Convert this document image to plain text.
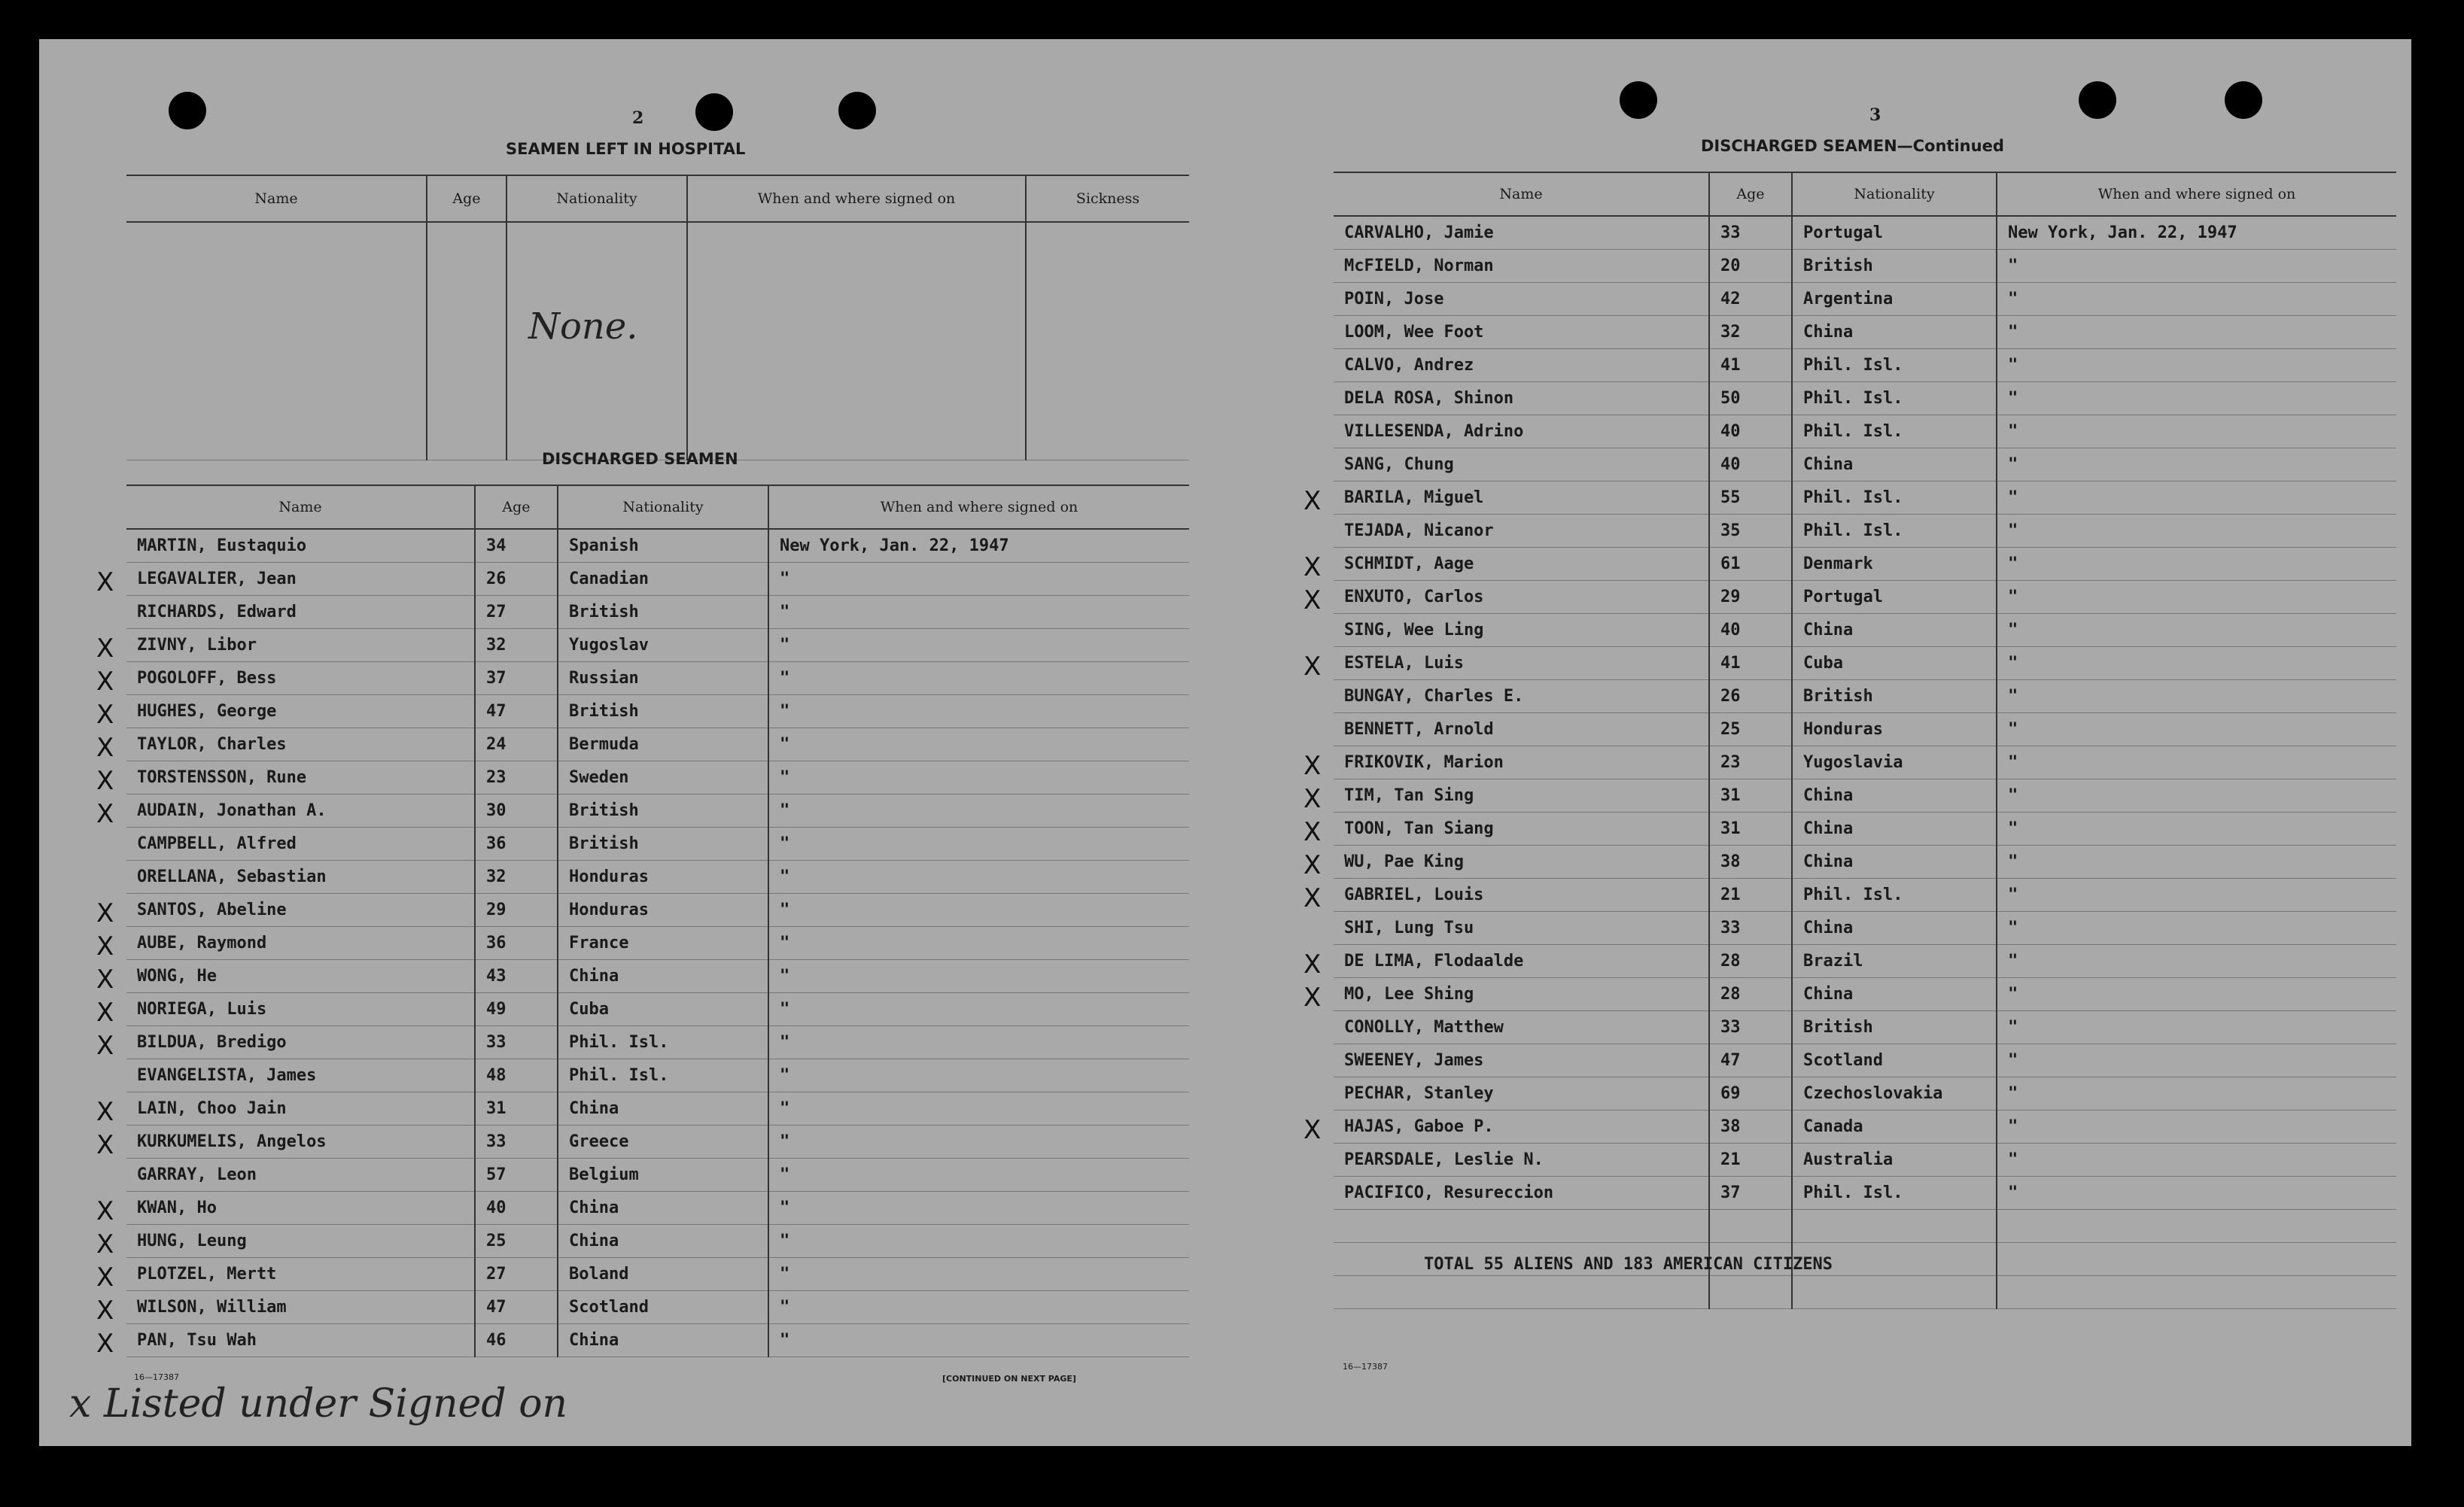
2
SEAMEN LEFT IN HOSPITAL
Name	Age	Nationality	When and where signed on	Sickness

None.
DISCHARGED SEAMEN
Name	Age	Nationality	When and where signed on

MARTIN, Eustaquio	34	Spanish	New York, Jan. 22, 1947

X LEGAVALIER, Jean	26	Canadian	"

RICHARDS, Edward	27	British	"

X ZIVNY, Libor	32	Yugoslav	"

X POGOLOFF, Bess	37	Russian	"

X HUGHES, George	47	British	"

X TAYLOR, Charles	24	Bermuda	"

X TORSTENSSON, Rune	23	Sweden	"

X AUDAIN, Jonathan A.	30	British	"

CAMPBELL, Alfred	36	British	"

ORELLANA, Sebastian	32	Honduras	"

X SANTOS, Abeline	29	Honduras	"

X AUBE, Raymond	36	France	"

X WONG, He	43	China	"

X NORIEGA, Luis	49	Cuba	"

X BILDUA, Bredigo	33	Phil. Isl.	"

EVANGELISTA, James	48	Phil. Isl.	"

X LAIN, Choo Jain	31	China	"

X KURKUMELIS, Angelos	33	Greece	"

GARRAY, Leon	57	Belgium	"

X KWAN, Ho	40	China	"

X HUNG, Leung	25	China	"

X PLOTZEL, Mertt	27	Boland	"

X WILSON, William	47	Scotland	"

X PAN, Tsu Wah	46	China	"
16—17387	[CONTINUED ON NEXT PAGE]
x Listed under Signed on
3
DISCHARGED SEAMEN—Continued
Name	Age	Nationality	When and where signed on

CARVALHO, Jamie	33	Portugal	New York, Jan. 22, 1947

McFIELD, Norman	20	British	"

POIN, Jose	42	Argentina	"

LOOM, Wee Foot	32	China	"

CALVO, Andrez	41	Phil. Isl.	"

DELA ROSA, Shinon	50	Phil. Isl.	"

VILLESENDA, Adrino	40	Phil. Isl.	"

SANG, Chung	40	China	"

X BARILA, Miguel	55	Phil. Isl.	"

TEJADA, Nicanor	35	Phil. Isl.	"

X SCHMIDT, Aage	61	Denmark	"

X ENXUTO, Carlos	29	Portugal	"

SING, Wee Ling	40	China	"

X ESTELA, Luis	41	Cuba	"

BUNGAY, Charles E.	26	British	"

BENNETT, Arnold	25	Honduras	"

X FRIKOVIK, Marion	23	Yugoslavia	"

X TIM, Tan Sing	31	China	"

X TOON, Tan Siang	31	China	"

X WU, Pae King	38	China	"

X GABRIEL, Louis	21	Phil. Isl.	"

SHI, Lung Tsu	33	China	"

X DE LIMA, Flodaalde	28	Brazil	"

X MO, Lee Shing	28	China	"

CONOLLY, Matthew	33	British	"

SWEENEY, James	47	Scotland	"

PECHAR, Stanley	69	Czechoslovakia	"

X HAJAS, Gaboe P.	38	Canada	"

PEARSDALE, Leslie N.	21	Australia	"

PACIFICO, Resureccion	37	Phil. Isl.	"

TOTAL 55 ALIENS AND 183 AMERICAN CITIZENS
16—17387
